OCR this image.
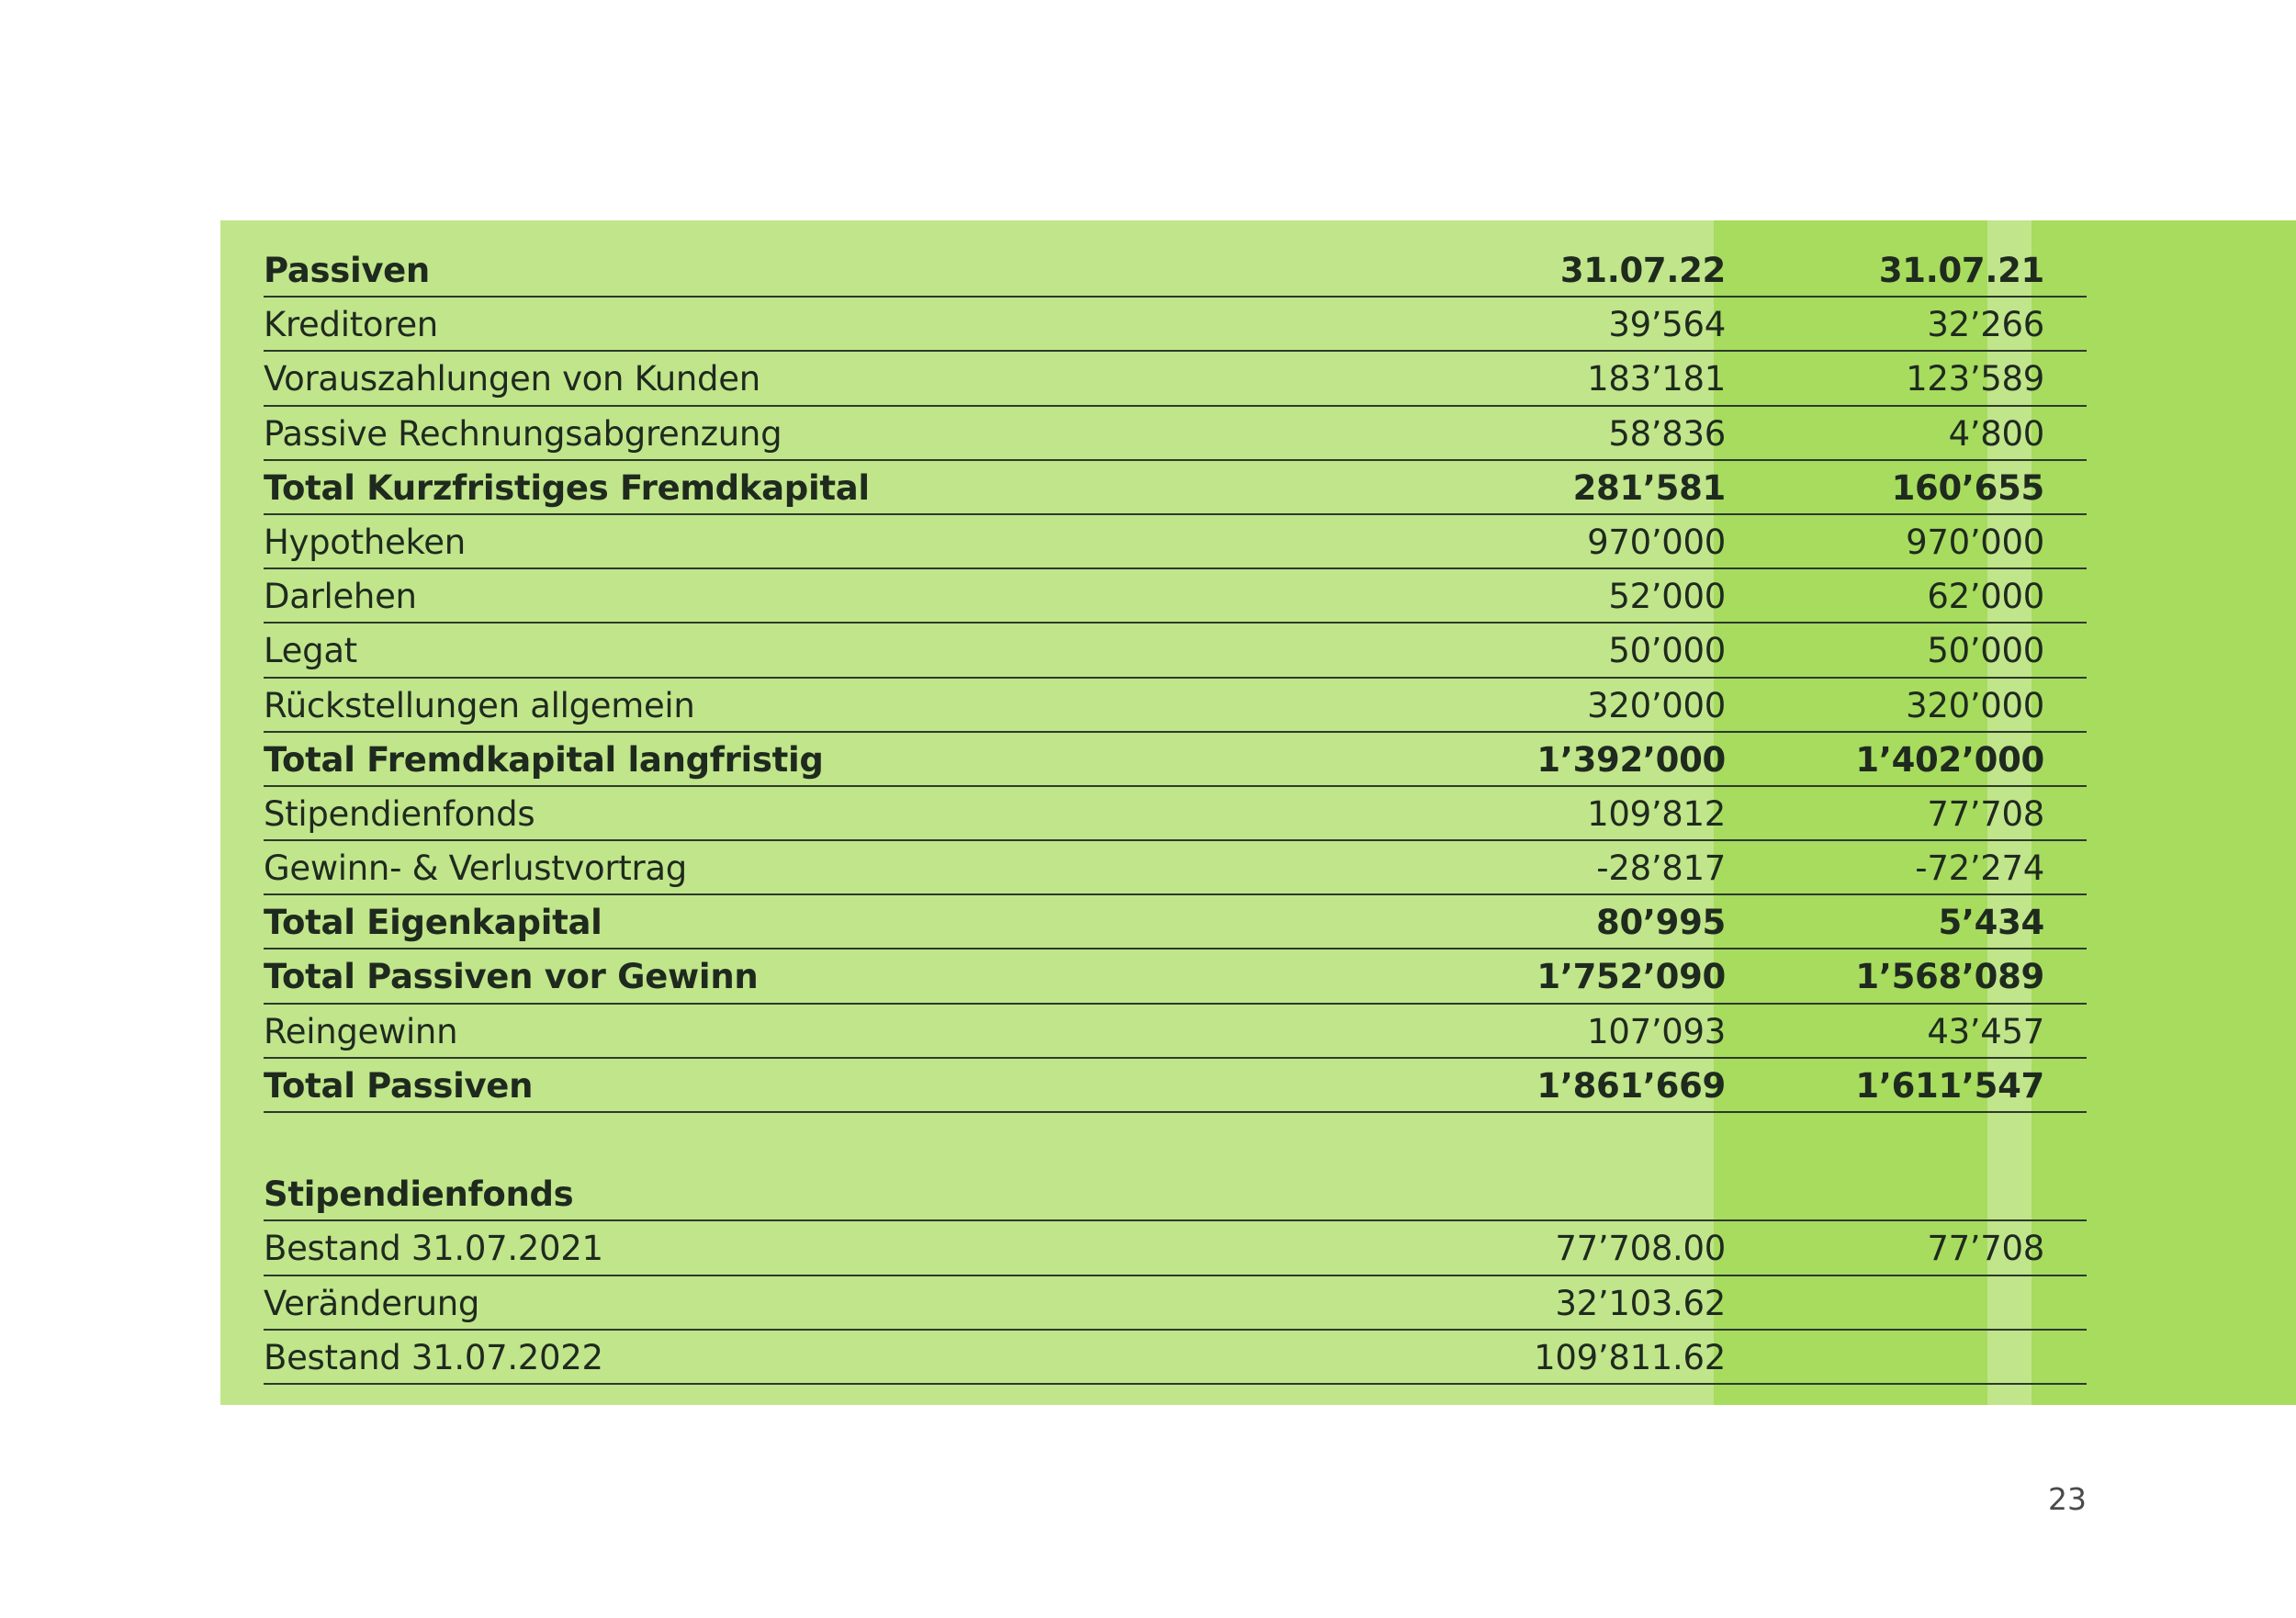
Passiven	31.07.22	31.07.21
Kreditoren	39’564	32’266
Vorauszahlungen von Kunden	183’181	123’589
Passive Rechnungsabgrenzung	58’836	4’800
Total Kurzfristiges Fremdkapital	281’581	160’655
Hypotheken	970’000	970’000
Darlehen	52’000	62’000
Legat	50’000	50’000
Rückstellungen allgemein	320’000	320’000
Total Fremdkapital langfristig	1’392’000	1’402’000
Stipendienfonds	109’812	77’708
Gewinn- & Verlustvortrag	-28’817	-72’274
Total Eigenkapital	80’995	5’434
Total Passiven vor Gewinn	1’752’090	1’568’089
Reingewinn	107’093	43’457
Total Passiven	1’861’669	1’611’547
Stipendienfonds
Bestand 31.07.2021	77’708.00	77’708
Veränderung	32’103.62
Bestand 31.07.2022	109’811.62
23
